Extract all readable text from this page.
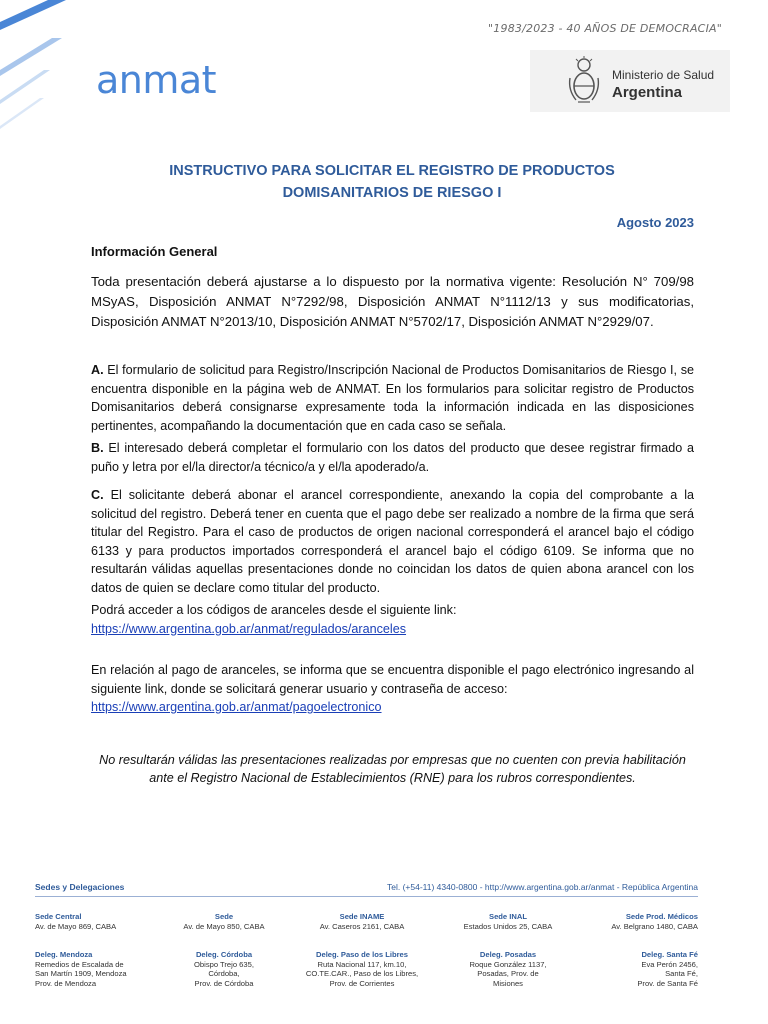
"1983/2023 - 40 AÑOS DE DEMOCRACIA"
anmat	Ministerio de Salud
Argentina
INSTRUCTIVO PARA SOLICITAR EL REGISTRO DE PRODUCTOS
DOMISANITARIOS DE RIESGO I
Agosto 2023
Información General

Toda presentación deberá ajustarse a lo dispuesto por la normativa vigente: Resolución N° 709/98 MSyAS, Disposición ANMAT N°7292/98, Disposición ANMAT N°1112/13 y sus modificatorias, Disposición ANMAT N°2013/10, Disposición ANMAT N°5702/17, Disposición ANMAT N°2929/07.

A. El formulario de solicitud para Registro/Inscripción Nacional de Productos Domisanitarios de Riesgo I, se encuentra disponible en la página web de ANMAT. En los formularios para solicitar registro de Productos Domisanitarios deberá consignarse expresamente toda la información indicada en las disposiciones pertinentes, acompañando la documentación que en cada caso se señala.

B. El interesado deberá completar el formulario con los datos del producto que desee registrar firmado a puño y letra por el/la director/a técnico/a y el/la apoderado/a.

C. El solicitante deberá abonar el arancel correspondiente, anexando la copia del comprobante a la solicitud del registro. Deberá tener en cuenta que el pago debe ser realizado a nombre de la firma que será titular del Registro. Para el caso de productos de origen nacional corresponderá el arancel bajo el código 6133 y para productos importados corresponderá el arancel bajo el código 6109. Se informa que no resultarán válidas aquellas presentaciones donde no coincidan los datos de quien abona arancel con los datos de quien se declare como titular del producto.

Podrá acceder a los códigos de aranceles desde el siguiente link:
https://www.argentina.gob.ar/anmat/regulados/aranceles

En relación al pago de aranceles, se informa que se encuentra disponible el pago electrónico ingresando al siguiente link, donde se solicitará generar usuario y contraseña de acceso:
https://www.argentina.gob.ar/anmat/pagoelectronico

No resultarán válidas las presentaciones realizadas por empresas que no cuenten con previa habilitación ante el Registro Nacional de Establecimientos (RNE) para los rubros correspondientes.
Sedes y Delegaciones	Tel. (+54-11) 4340-0800 - http://www.argentina.gob.ar/anmat - República Argentina
Sede Central
Av. de Mayo 869, CABA
Sede
Av. de Mayo 850, CABA
Sede INAME
Av. Caseros 2161, CABA
Sede INAL
Estados Unidos 25, CABA
Sede Prod. Médicos
Av. Belgrano 1480, CABA
Deleg. Mendoza
Remedios de Escalada de
San Martín 1909, Mendoza
Prov. de Mendoza
Deleg. Córdoba
Obispo Trejo 635,
Córdoba,
Prov. de Córdoba
Deleg. Paso de los Libres
Ruta Nacional 117, km.10,
CO.TE.CAR., Paso de los Libres,
Prov. de Corrientes
Deleg. Posadas
Roque González 1137,
Posadas, Prov. de
Misiones
Deleg. Santa Fé
Eva Perón 2456,
Santa Fé,
Prov. de Santa Fé
